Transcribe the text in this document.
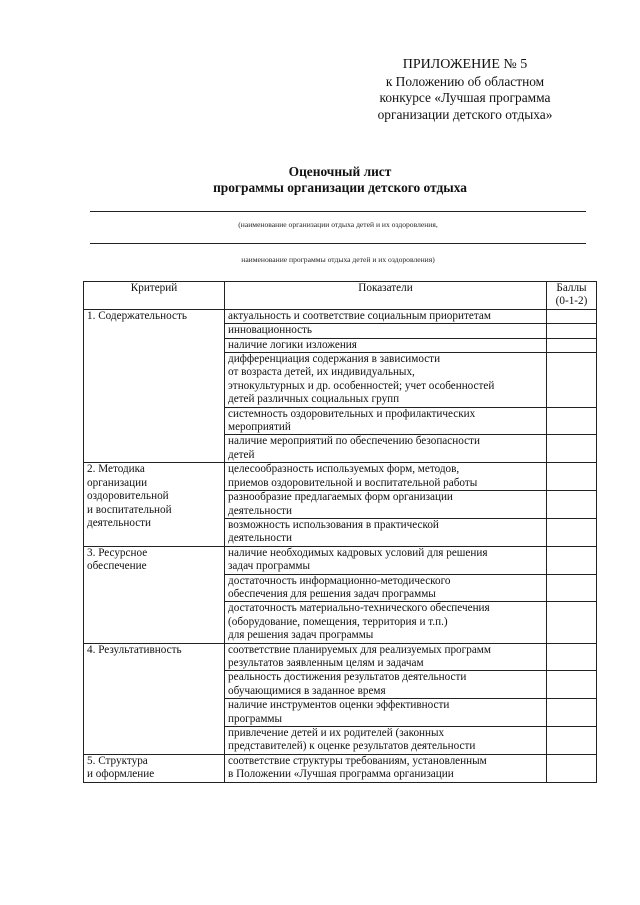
ПРИЛОЖЕНИЕ № 5
к Положению об областном
конкурсе «Лучшая программа
организации детского отдыха»
Оценочный лист
программы организации детского отдыха
(наименование организации отдыха детей и их оздоровления,
наименование программы отдыха детей и их оздоровления)
Критерий	Показатели	Баллы
(0-1-2)
1. Содержательность	актуальность и соответствие социальным приоритетам	
	инновационность	
	наличие логики изложения	
	дифференциация содержания в зависимости
от возраста детей, их индивидуальных,
этнокультурных и др. особенностей; учет особенностей
детей различных социальных групп	
	системность оздоровительных и профилактических
мероприятий	
	наличие мероприятий по обеспечению безопасности
детей	
2. Методика
организации
оздоровительной
и воспитательной
деятельности	целесообразность используемых форм, методов,
приемов оздоровительной и воспитательной работы	
	разнообразие предлагаемых форм организации
деятельности	
	возможность использования в практической
деятельности	
3. Ресурсное
обеспечение	наличие необходимых кадровых условий для решения
задач программы	
	достаточность информационно-методического
обеспечения для решения задач программы	
	достаточность материально-технического обеспечения
(оборудование, помещения, территория и т.п.)
для решения задач программы	
4. Результативность	соответствие планируемых для реализуемых программ
результатов заявленным целям и задачам	
	реальность достижения результатов деятельности
обучающимися в заданное время	
	наличие инструментов оценки эффективности
программы	
	привлечение детей и их родителей (законных
представителей) к оценке результатов деятельности	
5. Структура
и оформление	соответствие структуры требованиям, установленным
в Положении «Лучшая программа организации	
